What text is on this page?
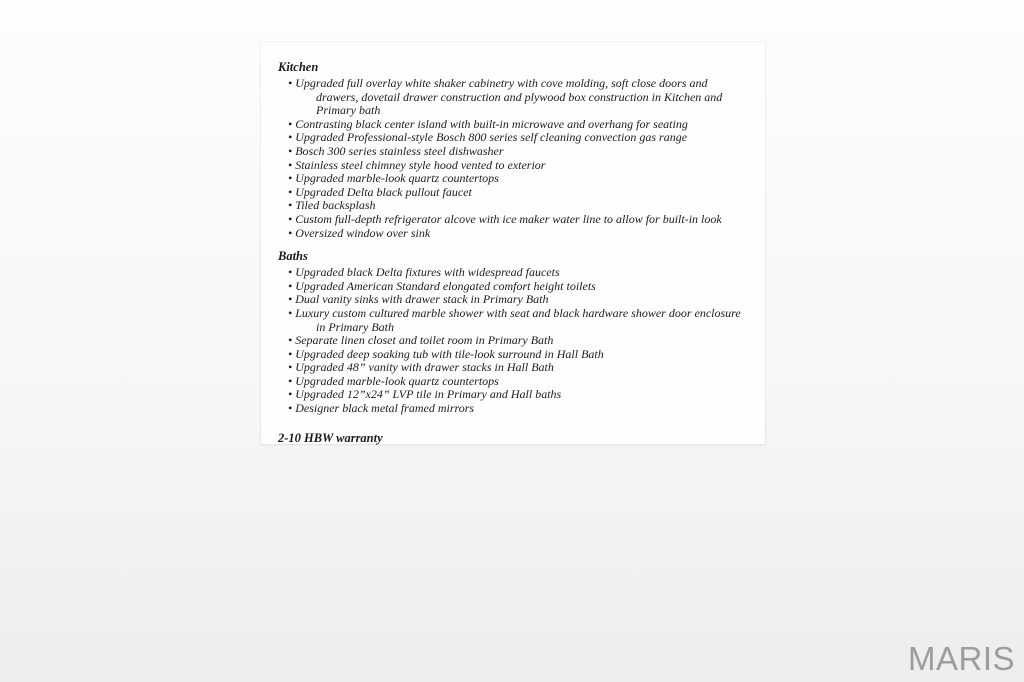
Kitchen
• Upgraded full overlay white shaker cabinetry with cove molding, soft close doors and drawers, dovetail drawer construction and plywood box construction in Kitchen and Primary bath
• Contrasting black center island with built-in microwave and overhang for seating
• Upgraded Professional-style Bosch 800 series self cleaning convection gas range
• Bosch 300 series stainless steel dishwasher
• Stainless steel chimney style hood vented to exterior
• Upgraded marble-look quartz countertops
• Upgraded Delta black pullout faucet
• Tiled backsplash
• Custom full-depth refrigerator alcove with ice maker water line to allow for built-in look
• Oversized window over sink
Baths
• Upgraded black Delta fixtures with widespread faucets
• Upgraded American Standard elongated comfort height toilets
• Dual vanity sinks with drawer stack in Primary Bath
• Luxury custom cultured marble shower with seat and black hardware shower door enclosure in Primary Bath
• Separate linen closet and toilet room in Primary Bath
• Upgraded deep soaking tub with tile-look surround in Hall Bath
• Upgraded 48” vanity with drawer stacks in Hall Bath
• Upgraded marble-look quartz countertops
• Upgraded 12”x24” LVP tile in Primary and Hall baths
• Designer black metal framed mirrors

2-10 HBW warranty

MARIS
